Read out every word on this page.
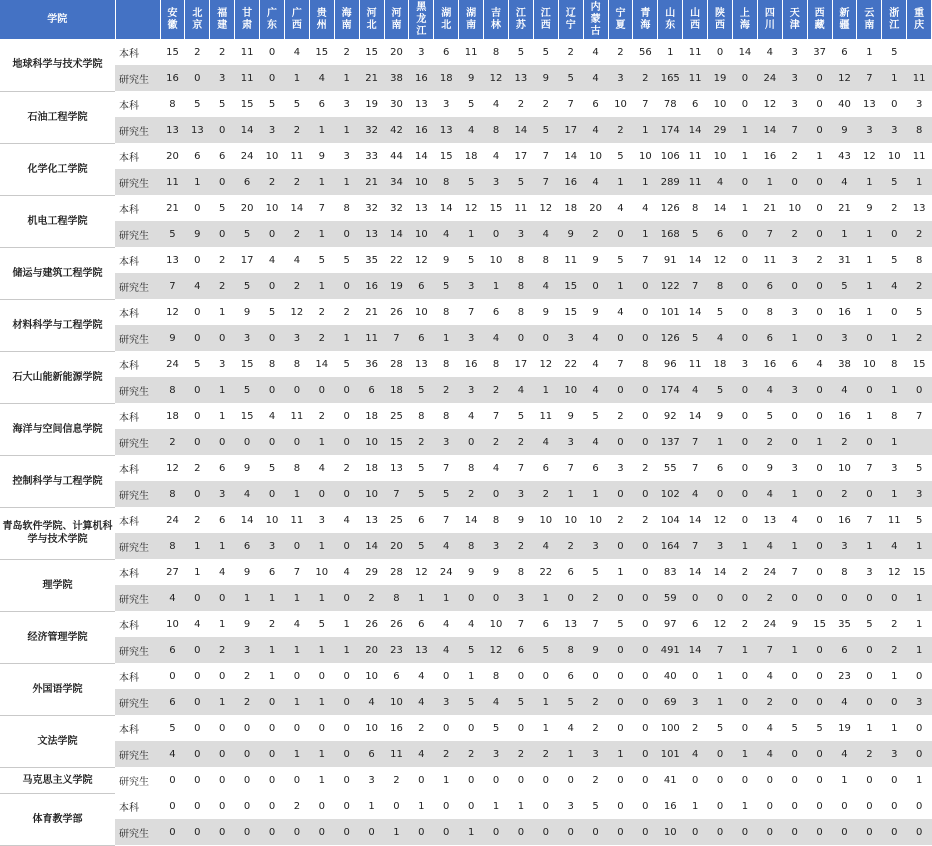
学院		安徽	北京	福建	甘肃	广东	广西	贵州	海南	河北	河南	黑龙江	湖北	湖南	吉林	江苏	江西	辽宁	内蒙古	宁夏	青海	山东	山西	陕西	上海	四川	天津	西藏	新疆	云南	浙江	重庆
地球科学与技术学院	本科	15	2	2	11	0	4	15	2	15	20	3	6	11	8	5	5	2	4	2	56	1	11	0	14	4	3	37	6	1	5	
	研究生	16	0	3	11	0	1	4	1	21	38	16	18	9	12	13	9	5	4	3	2	165	11	19	0	24	3	0	12	7	1	11
石油工程学院	本科	8	5	5	15	5	5	6	3	19	30	13	3	5	4	2	2	7	6	10	7	78	6	10	0	12	3	0	40	13	0	3
	研究生	13	13	0	14	3	2	1	1	32	42	16	13	4	8	14	5	17	4	2	1	174	14	29	1	14	7	0	9	3	3	8
化学化工学院	本科	20	6	6	24	10	11	9	3	33	44	14	15	18	4	17	7	14	10	5	10	106	11	10	1	16	2	1	43	12	10	11
	研究生	11	1	0	6	2	2	1	1	21	34	10	8	5	3	5	7	16	4	1	1	289	11	4	0	1	0	0	4	1	5	1
机电工程学院	本科	21	0	5	20	10	14	7	8	32	32	13	14	12	15	11	12	18	20	4	4	126	8	14	1	21	10	0	21	9	2	13
	研究生	5	9	0	5	0	2	1	0	13	14	10	4	1	0	3	4	9	2	0	1	168	5	6	0	7	2	0	1	1	0	2
储运与建筑工程学院	本科	13	0	2	17	4	4	5	5	35	22	12	9	5	10	8	8	11	9	5	7	91	14	12	0	11	3	2	31	1	5	8
	研究生	7	4	2	5	0	2	1	0	16	19	6	5	3	1	8	4	15	0	1	0	122	7	8	0	6	0	0	5	1	4	2
材料科学与工程学院	本科	12	0	1	9	5	12	2	2	21	26	10	8	7	6	8	9	15	9	4	0	101	14	5	0	8	3	0	16	1	0	5
	研究生	9	0	0	3	0	3	2	1	11	7	6	1	3	4	0	0	3	4	0	0	126	5	4	0	6	1	0	3	0	1	2
石大山能新能源学院	本科	24	5	3	15	8	8	14	5	36	28	13	8	16	8	17	12	22	4	7	8	96	11	18	3	16	6	4	38	10	8	15
	研究生	8	0	1	5	0	0	0	0	6	18	5	2	3	2	4	1	10	4	0	0	174	4	5	0	4	3	0	4	0	1	0
海洋与空间信息学院	本科	18	0	1	15	4	11	2	0	18	25	8	8	4	7	5	11	9	5	2	0	92	14	9	0	5	0	0	16	1	8	7
	研究生	2	0	0	0	0	0	1	0	10	15	2	3	0	2	2	4	3	4	0	0	137	7	1	0	2	0	1	2	0	1	
控制科学与工程学院	本科	12	2	6	9	5	8	4	2	18	13	5	7	8	4	7	6	7	6	3	2	55	7	6	0	9	3	0	10	7	3	5
	研究生	8	0	3	4	0	1	0	0	10	7	5	5	2	0	3	2	1	1	0	0	102	4	0	0	4	1	0	2	0	1	3
青岛软件学院、计算机科学与技术学院	本科	24	2	6	14	10	11	3	4	13	25	6	7	14	8	9	10	10	10	2	2	104	14	12	0	13	4	0	16	7	11	5
	研究生	8	1	1	6	3	0	1	0	14	20	5	4	8	3	2	4	2	3	0	0	164	7	3	1	4	1	0	3	1	4	1
理学院	本科	27	1	4	9	6	7	10	4	29	28	12	24	9	9	8	22	6	5	1	0	83	14	14	2	24	7	0	8	3	12	15
	研究生	4	0	0	1	1	1	1	0	2	8	1	1	0	0	3	1	0	2	0	0	59	0	0	0	2	0	0	0	0	0	1
经济管理学院	本科	10	4	1	9	2	4	5	1	26	26	6	4	4	10	7	6	13	7	5	0	97	6	12	2	24	9	15	35	5	2	1
	研究生	6	0	2	3	1	1	1	1	20	23	13	4	5	12	6	5	8	9	0	0	491	14	7	1	7	1	0	6	0	2	1
外国语学院	本科	0	0	0	2	1	0	0	0	10	6	4	0	1	8	0	0	6	0	0	0	40	0	1	0	4	0	0	23	0	1	0
	研究生	6	0	1	2	0	1	1	0	4	10	4	3	5	4	5	1	5	2	0	0	69	3	1	0	2	0	0	4	0	0	3
文法学院	本科	5	0	0	0	0	0	0	0	10	16	2	0	0	5	0	1	4	2	0	0	100	2	5	0	4	5	5	19	1	1	0
	研究生	4	0	0	0	0	1	1	0	6	11	4	2	2	3	2	2	1	3	1	0	101	4	0	1	4	0	0	4	2	3	0
马克思主义学院	研究生	0	0	0	0	0	0	1	0	3	2	0	1	0	0	0	0	0	2	0	0	41	0	0	0	0	0	0	1	0	0	1
体育教学部	本科	0	0	0	0	0	2	0	0	1	0	1	0	0	1	1	0	3	5	0	0	16	1	0	1	0	0	0	0	0	0	0
	研究生	0	0	0	0	0	0	0	0	0	1	0	0	1	0	0	0	0	0	0	0	10	0	0	0	0	0	0	0	0	0	0
